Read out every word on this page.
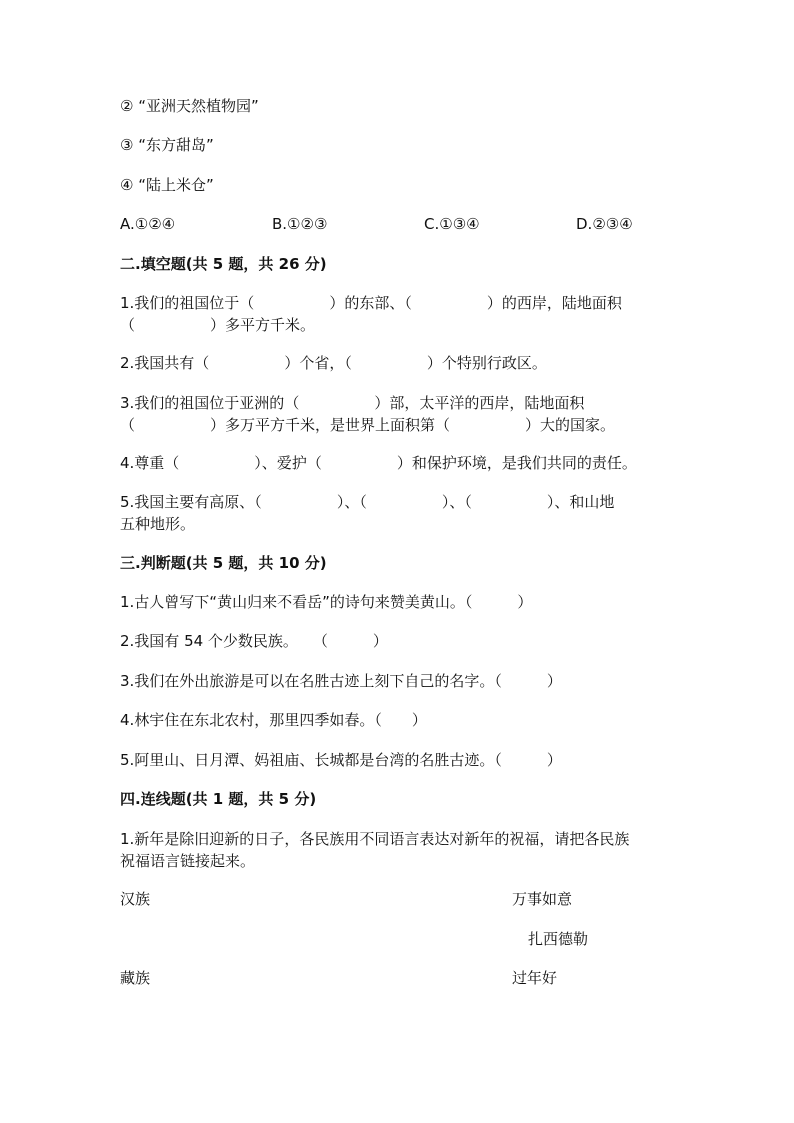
② “亚洲天然植物园”
③ “东方甜岛”
④ “陆上米仓”
A.①②④	B.①②③	C.①③④	D.②③④
二.填空题(共 5 题，共 26 分)
1.我们的祖国位于（　　　　　）的东部、（　　　　　）的西岸，陆地面积
（　　　　　）多平方千米。
2.我国共有（　　　　　）个省，（　　　　　）个特别行政区。
3.我们的祖国位于亚洲的（　　　　　）部，太平洋的西岸，陆地面积
（　　　　　）多万平方千米，是世界上面积第（　　　　　）大的国家。
4.尊重（　　　　　）、爱护（　　　　　）和保护环境，是我们共同的责任。
5.我国主要有高原、（　　　　　）、（　　　　　）、（　　　　　）、和山地
五种地形。
三.判断题(共 5 题，共 10 分)
1.古人曾写下“黄山归来不看岳”的诗句来赞美黄山。（　　　）
2.我国有 54 个少数民族。　　（　　　）
3.我们在外出旅游是可以在名胜古迹上刻下自己的名字。（　　　）
4.林宇住在东北农村，那里四季如春。（　　）
5.阿里山、日月潭、妈祖庙、长城都是台湾的名胜古迹。（　　　）
四.连线题(共 1 题，共 5 分)
1.新年是除旧迎新的日子，各民族用不同语言表达对新年的祝福，请把各民族
祝福语言链接起来。
汉族
藏族
万事如意
扎西德勒
过年好
